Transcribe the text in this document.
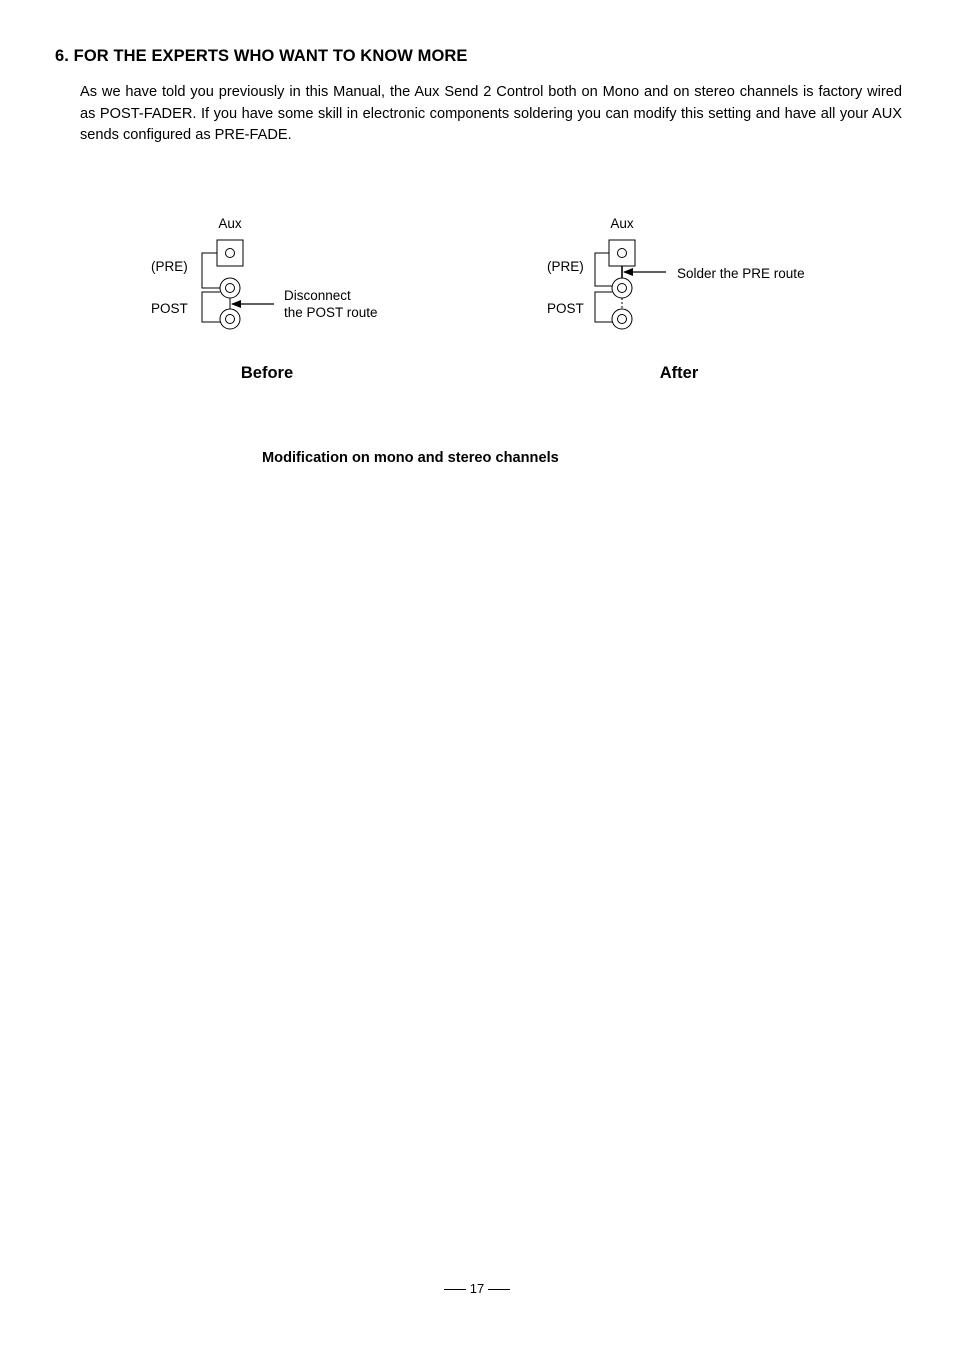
6. FOR THE EXPERTS WHO WANT TO KNOW MORE

As we have told you previously in this Manual, the Aux Send 2 Control both on Mono and on stereo channels is factory wired as POST-FADER. If you have some skill in electronic components soldering you can modify this setting and have all your AUX sends configured as PRE-FADE.

Aux
(PRE)
POST
Disconnect
the POST route
Before
Aux
(PRE)
POST
Solder the PRE route
After

Modification on mono and stereo channels

17
